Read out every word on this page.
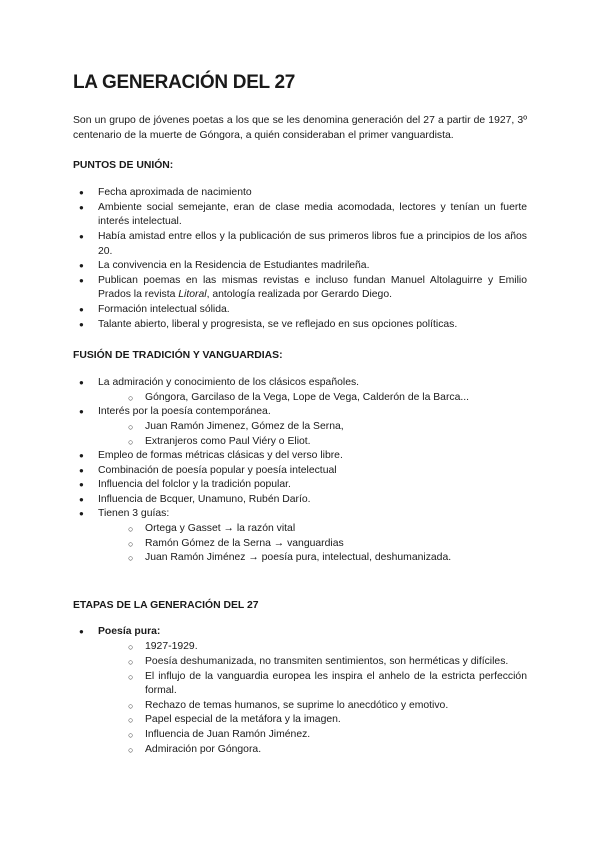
LA GENERACIÓN DEL 27

Son un grupo de jóvenes poetas a los que se les denomina generación del 27 a partir de 1927, 3º centenario de la muerte de Góngora, a quién consideraban el primer vanguardista.

PUNTOS DE UNIÓN:
● Fecha aproximada de nacimiento
● Ambiente social semejante, eran de clase media acomodada, lectores y tenían un fuerte interés intelectual.
● Había amistad entre ellos y la publicación de sus primeros libros fue a principios de los años 20.
● La convivencia en la Residencia de Estudiantes madrileña.
● Publican poemas en las mismas revistas e incluso fundan Manuel Altolaguirre y Emilio Prados la revista Litoral, antología realizada por Gerardo Diego.
● Formación intelectual sólida.
● Talante abierto, liberal y progresista, se ve reflejado en sus opciones políticas.
FUSIÓN DE TRADICIÓN Y VANGUARDIAS:
● La admiración y conocimiento de los clásicos españoles.
○ Góngora, Garcilaso de la Vega, Lope de Vega, Calderón de la Barca...
● Interés por la poesía contemporánea.
○ Juan Ramón Jimenez, Gómez de la Serna,
○ Extranjeros como Paul Viéry o Eliot.
● Empleo de formas métricas clásicas y del verso libre.
● Combinación de poesía popular y poesía intelectual
● Influencia del folclor y la tradición popular.
● Influencia de Bcquer, Unamuno, Rubén Darío.
● Tienen 3 guías:
○ Ortega y Gasset → la razón vital
○ Ramón Gómez de la Serna → vanguardias
○ Juan Ramón Jiménez → poesía pura, intelectual, deshumanizada.
ETAPAS DE LA GENERACIÓN DEL 27
● Poesía pura:
○ 1927-1929.
○ Poesía deshumanizada, no transmiten sentimientos, son herméticas y difíciles.
○ El influjo de la vanguardia europea les inspira el anhelo de la estricta perfección formal.
○ Rechazo de temas humanos, se suprime lo anecdótico y emotivo.
○ Papel especial de la metáfora y la imagen.
○ Influencia de Juan Ramón Jiménez.
○ Admiración por Góngora.
